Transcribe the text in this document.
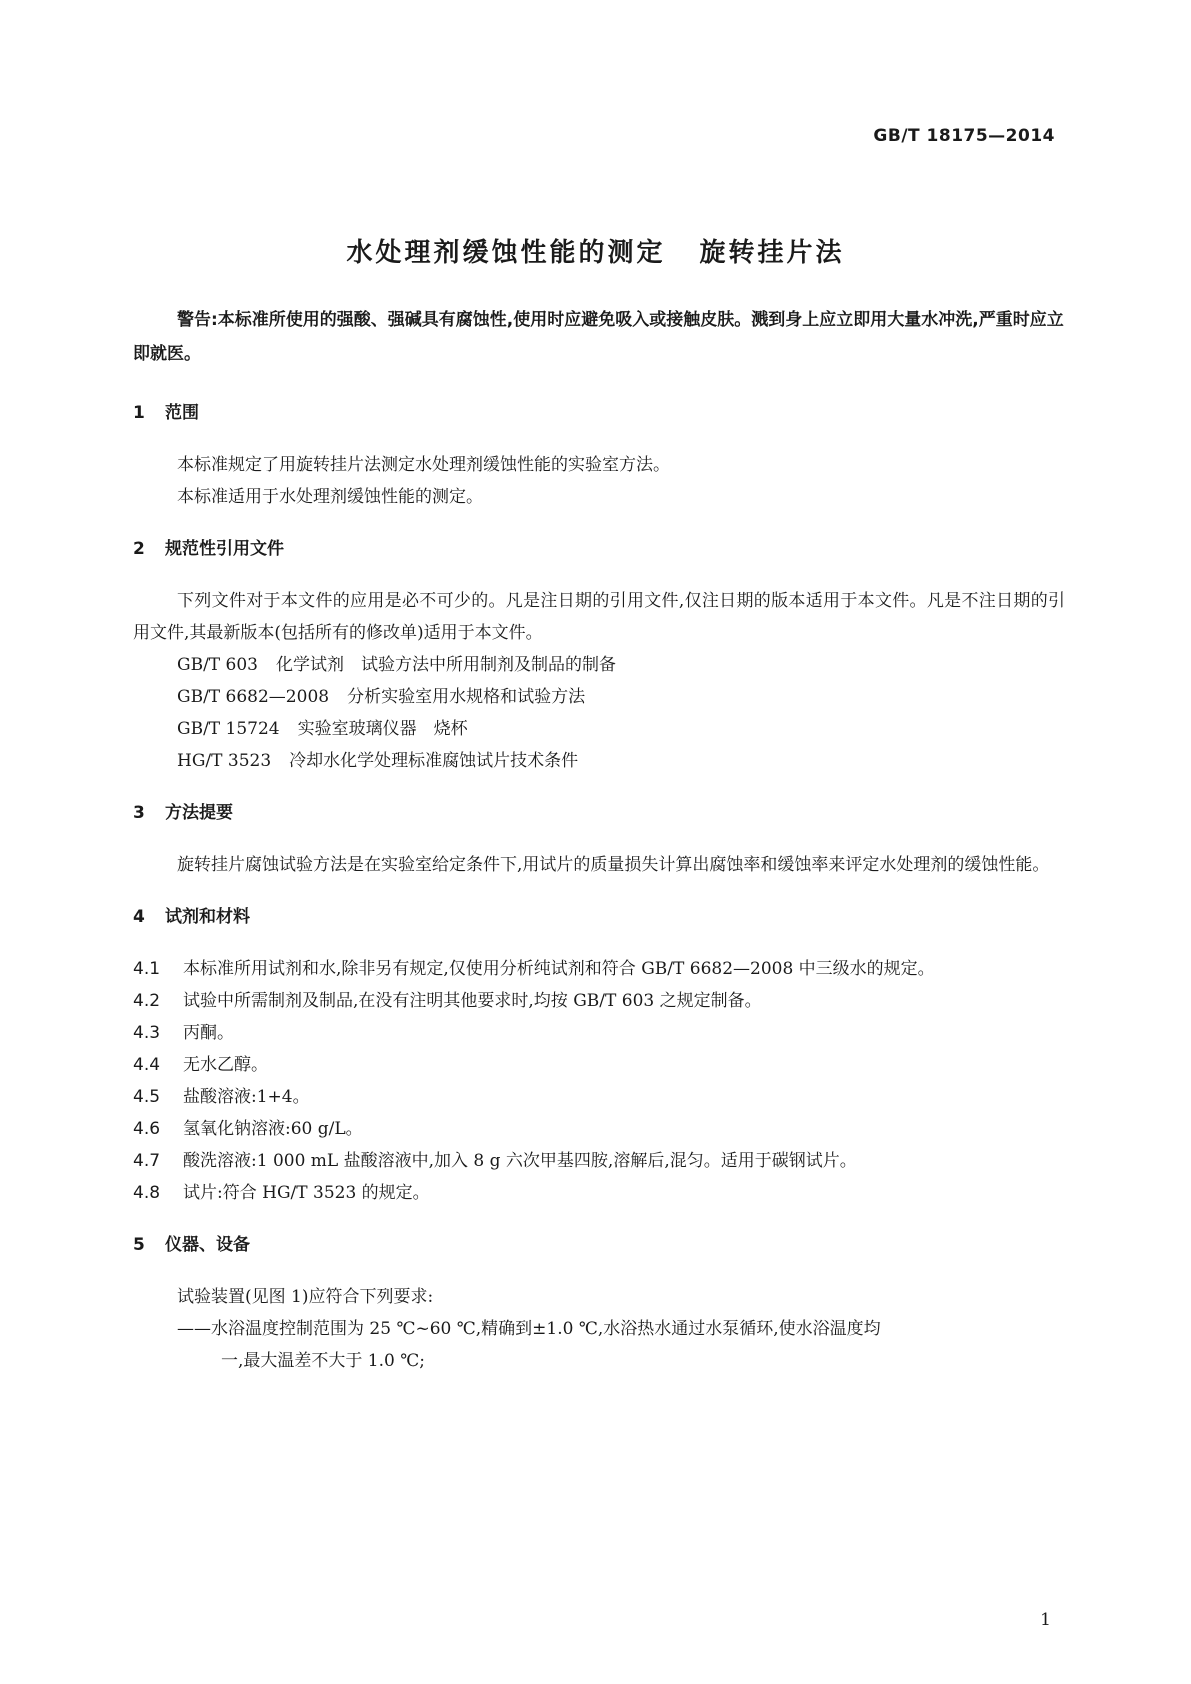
GB/T 18175—2014
水处理剂缓蚀性能的测定 旋转挂片法

警告:本标准所使用的强酸、强碱具有腐蚀性,使用时应避免吸入或接触皮肤。溅到身上应立即用大量水冲洗,严重时应立即就医。

1 范围

本标准规定了用旋转挂片法测定水处理剂缓蚀性能的实验室方法。

本标准适用于水处理剂缓蚀性能的测定。

2 规范性引用文件

下列文件对于本文件的应用是必不可少的。凡是注日期的引用文件,仅注日期的版本适用于本文件。凡是不注日期的引用文件,其最新版本(包括所有的修改单)适用于本文件。

GB/T 603 化学试剂　试验方法中所用制剂及制品的制备

GB/T 6682—2008 分析实验室用水规格和试验方法

GB/T 15724 实验室玻璃仪器　烧杯

HG/T 3523 冷却水化学处理标准腐蚀试片技术条件

3 方法提要

旋转挂片腐蚀试验方法是在实验室给定条件下,用试片的质量损失计算出腐蚀率和缓蚀率来评定水处理剂的缓蚀性能。

4 试剂和材料

4.1 本标准所用试剂和水,除非另有规定,仅使用分析纯试剂和符合 GB/T 6682—2008 中三级水的规定。

4.2 试验中所需制剂及制品,在没有注明其他要求时,均按 GB/T 603 之规定制备。

4.3 丙酮。

4.4 无水乙醇。

4.5 盐酸溶液:1+4。

4.6 氢氧化钠溶液:60 g/L。

4.7 酸洗溶液:1 000 mL 盐酸溶液中,加入 8 g 六次甲基四胺,溶解后,混匀。适用于碳钢试片。

4.8 试片:符合 HG/T 3523 的规定。

5 仪器、设备

试验装置(见图 1)应符合下列要求:

——水浴温度控制范围为 25 ℃~60 ℃,精确到±1.0 ℃,水浴热水通过水泵循环,使水浴温度均
一,最大温差不大于 1.0 ℃;

1
